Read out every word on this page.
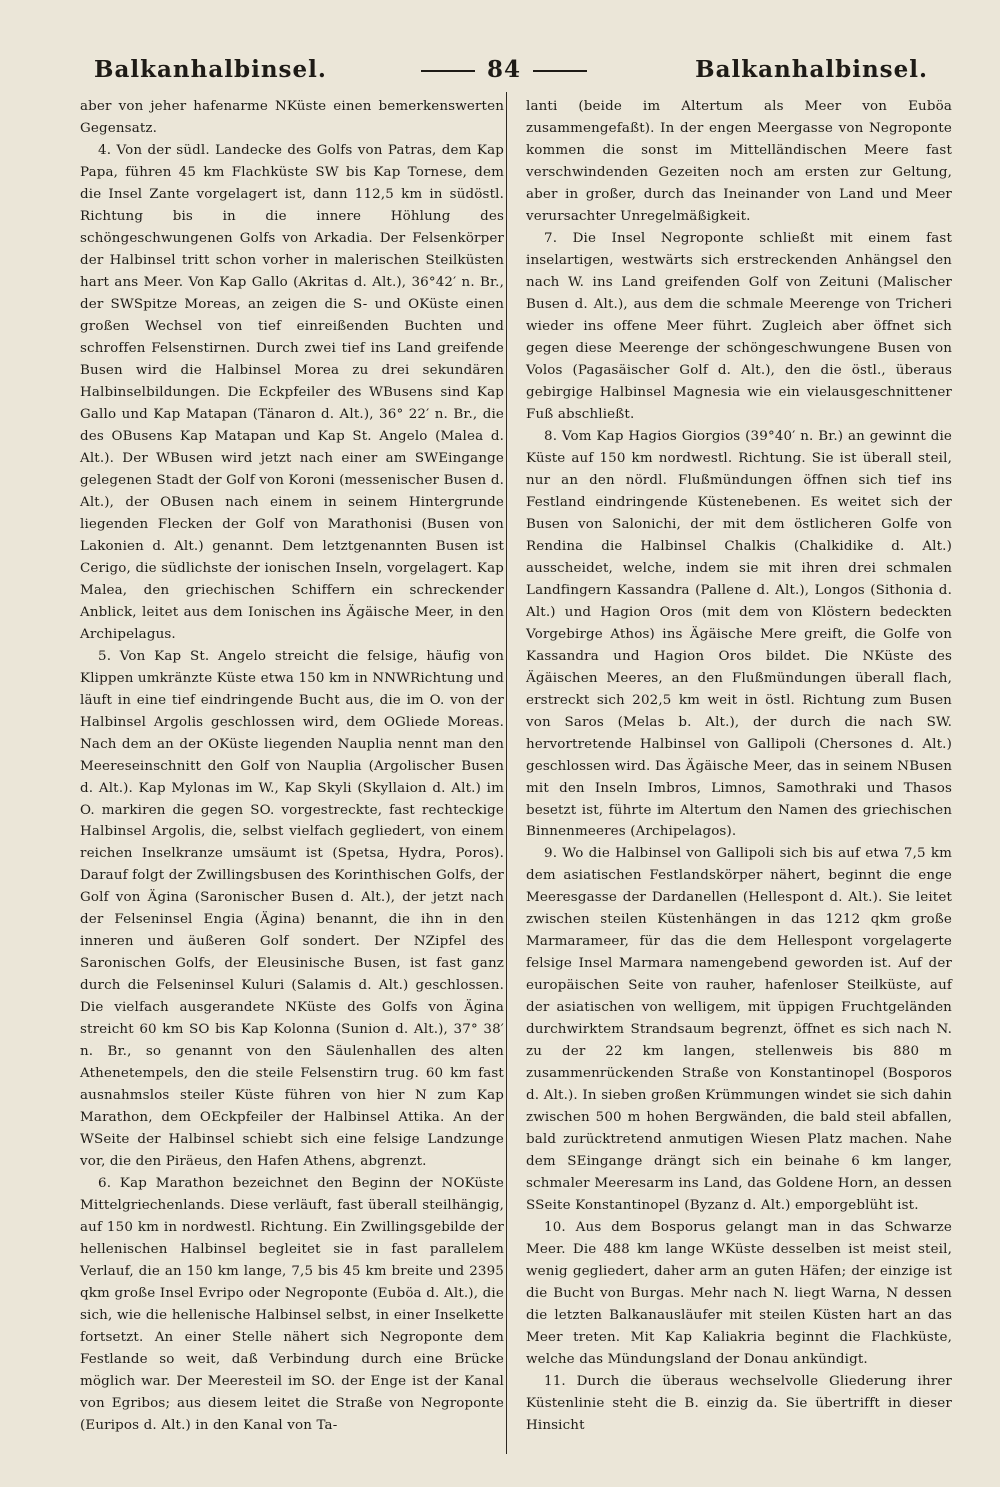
Balkanhalbinsel.	84	Balkanhalbinsel.

aber von jeher hafenarme NKüste einen bemerkenswerten Gegensatz.

4. Von der südl. Landecke des Golfs von Patras, dem Kap Papa, führen 45 km Flachküste SW bis Kap Tornese, dem die Insel Zante vorgelagert ist, dann 112,5 km in südöstl. Richtung bis in die innere Höhlung des schöngeschwungenen Golfs von Arkadia. Der Felsenkörper der Halbinsel tritt schon vorher in malerischen Steilküsten hart ans Meer. Von Kap Gallo (Akritas d. Alt.), 36°42′ n. Br., der SWSpitze Moreas, an zeigen die S- und OKüste einen großen Wechsel von tief einreißenden Buchten und schroffen Felsenstirnen. Durch zwei tief ins Land greifende Busen wird die Halbinsel Morea zu drei sekundären Halbinselbildungen. Die Eckpfeiler des WBusens sind Kap Gallo und Kap Matapan (Tänaron d. Alt.), 36° 22′ n. Br., die des OBusens Kap Matapan und Kap St. Angelo (Malea d. Alt.). Der WBusen wird jetzt nach einer am SWEingange gelegenen Stadt der Golf von Koroni (messenischer Busen d. Alt.), der OBusen nach einem in seinem Hintergrunde liegenden Flecken der Golf von Marathonisi (Busen von Lakonien d. Alt.) genannt. Dem letztgenannten Busen ist Cerigo, die südlichste der ionischen Inseln, vorgelagert. Kap Malea, den griechischen Schiffern ein schreckender Anblick, leitet aus dem Ionischen ins Ägäische Meer, in den Archipelagus.

5. Von Kap St. Angelo streicht die felsige, häufig von Klippen umkränzte Küste etwa 150 km in NNWRichtung und läuft in eine tief eindringende Bucht aus, die im O. von der Halbinsel Argolis geschlossen wird, dem OGliede Moreas. Nach dem an der OKüste liegenden Nauplia nennt man den Meereseinschnitt den Golf von Nauplia (Argolischer Busen d. Alt.). Kap Mylonas im W., Kap Skyli (Skyllaion d. Alt.) im O. markiren die gegen SO. vorgestreckte, fast rechteckige Halbinsel Argolis, die, selbst vielfach gegliedert, von einem reichen Inselkranze umsäumt ist (Spetsa, Hydra, Poros). Darauf folgt der Zwillingsbusen des Korinthischen Golfs, der Golf von Ägina (Saronischer Busen d. Alt.), der jetzt nach der Felseninsel Engia (Ägina) benannt, die ihn in den inneren und äußeren Golf sondert. Der NZipfel des Saronischen Golfs, der Eleusinische Busen, ist fast ganz durch die Felseninsel Kuluri (Salamis d. Alt.) geschlossen. Die vielfach ausgerandete NKüste des Golfs von Ägina streicht 60 km SO bis Kap Kolonna (Sunion d. Alt.), 37° 38′ n. Br., so genannt von den Säulenhallen des alten Athenetempels, den die steile Felsenstirn trug. 60 km fast ausnahmslos steiler Küste führen von hier N zum Kap Marathon, dem OEckpfeiler der Halbinsel Attika. An der WSeite der Halbinsel schiebt sich eine felsige Landzunge vor, die den Piräeus, den Hafen Athens, abgrenzt.

6. Kap Marathon bezeichnet den Beginn der NOKüste Mittelgriechenlands. Diese verläuft, fast überall steilhängig, auf 150 km in nordwestl. Richtung. Ein Zwillingsgebilde der hellenischen Halbinsel begleitet sie in fast parallelem Verlauf, die an 150 km lange, 7,5 bis 45 km breite und 2395 qkm große Insel Evripo oder Negroponte (Euböa d. Alt.), die sich, wie die hellenische Halbinsel selbst, in einer Inselkette fortsetzt. An einer Stelle nähert sich Negroponte dem Festlande so weit, daß Verbindung durch eine Brücke möglich war. Der Meeresteil im SO. der Enge ist der Kanal von Egribos; aus diesem leitet die Straße von Negroponte (Euripos d. Alt.) in den Kanal von Ta-

lanti (beide im Altertum als Meer von Euböa zusammengefaßt). In der engen Meergasse von Negroponte kommen die sonst im Mittelländischen Meere fast verschwindenden Gezeiten noch am ersten zur Geltung, aber in großer, durch das Ineinander von Land und Meer verursachter Unregelmäßigkeit.

7. Die Insel Negroponte schließt mit einem fast inselartigen, westwärts sich erstreckenden Anhängsel den nach W. ins Land greifenden Golf von Zeituni (Malischer Busen d. Alt.), aus dem die schmale Meerenge von Tricheri wieder ins offene Meer führt. Zugleich aber öffnet sich gegen diese Meerenge der schöngeschwungene Busen von Volos (Pagasäischer Golf d. Alt.), den die östl., überaus gebirgige Halbinsel Magnesia wie ein vielausgeschnittener Fuß abschließt.

8. Vom Kap Hagios Giorgios (39°40′ n. Br.) an gewinnt die Küste auf 150 km nordwestl. Richtung. Sie ist überall steil, nur an den nördl. Flußmündungen öffnen sich tief ins Festland eindringende Küstenebenen. Es weitet sich der Busen von Salonichi, der mit dem östlicheren Golfe von Rendina die Halbinsel Chalkis (Chalkidike d. Alt.) ausscheidet, welche, indem sie mit ihren drei schmalen Landfingern Kassandra (Pallene d. Alt.), Longos (Sithonia d. Alt.) und Hagion Oros (mit dem von Klöstern bedeckten Vorgebirge Athos) ins Ägäische Mere greift, die Golfe von Kassandra und Hagion Oros bildet. Die NKüste des Ägäischen Meeres, an den Flußmündungen überall flach, erstreckt sich 202,5 km weit in östl. Richtung zum Busen von Saros (Melas b. Alt.), der durch die nach SW. hervortretende Halbinsel von Gallipoli (Chersones d. Alt.) geschlossen wird. Das Ägäische Meer, das in seinem NBusen mit den Inseln Imbros, Limnos, Samothraki und Thasos besetzt ist, führte im Altertum den Namen des griechischen Binnenmeeres (Archipelagos).

9. Wo die Halbinsel von Gallipoli sich bis auf etwa 7,5 km dem asiatischen Festlandskörper nähert, beginnt die enge Meeresgasse der Dardanellen (Hellespont d. Alt.). Sie leitet zwischen steilen Küstenhängen in das 1212 qkm große Marmarameer, für das die dem Hellespont vorgelagerte felsige Insel Marmara namengebend geworden ist. Auf der europäischen Seite von rauher, hafenloser Steilküste, auf der asiatischen von welligem, mit üppigen Fruchtgeländen durchwirktem Strandsaum begrenzt, öffnet es sich nach N. zu der 22 km langen, stellenweis bis 880 m zusammenrückenden Straße von Konstantinopel (Bosporos d. Alt.). In sieben großen Krümmungen windet sie sich dahin zwischen 500 m hohen Bergwänden, die bald steil abfallen, bald zurücktretend anmutigen Wiesen Platz machen. Nahe dem SEingange drängt sich ein beinahe 6 km langer, schmaler Meeresarm ins Land, das Goldene Horn, an dessen SSeite Konstantinopel (Byzanz d. Alt.) emporgeblüht ist.

10. Aus dem Bosporus gelangt man in das Schwarze Meer. Die 488 km lange WKüste desselben ist meist steil, wenig gegliedert, daher arm an guten Häfen; der einzige ist die Bucht von Burgas. Mehr nach N. liegt Warna, N dessen die letzten Balkanausläufer mit steilen Küsten hart an das Meer treten. Mit Kap Kaliakria beginnt die Flachküste, welche das Mündungsland der Donau ankündigt.

11. Durch die überaus wechselvolle Gliederung ihrer Küstenlinie steht die B. einzig da. Sie übertrifft in dieser Hinsicht
